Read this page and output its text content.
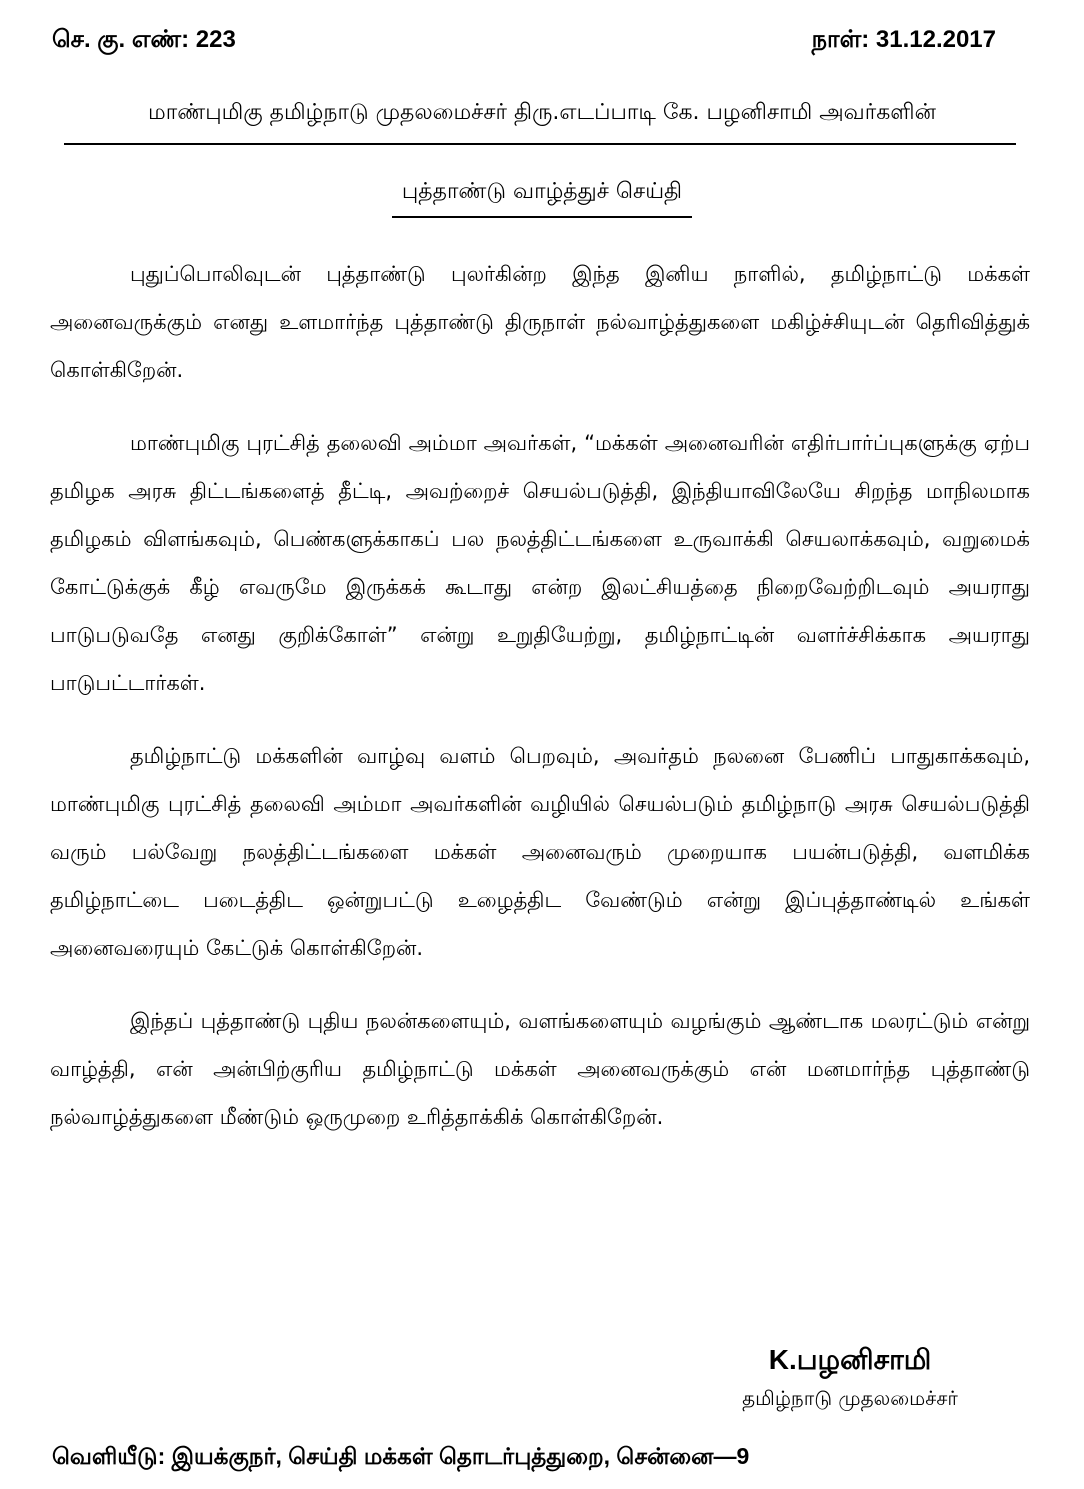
செ. கு. எண்: 223	நாள்: 31.12.2017
மாண்புமிகு தமிழ்நாடு முதலமைச்சர் திரு.எடப்பாடி கே. பழனிசாமி அவர்களின்
புத்தாண்டு வாழ்த்துச் செய்தி

புதுப்பொலிவுடன் புத்தாண்டு புலர்கின்ற இந்த இனிய நாளில், தமிழ்நாட்டு மக்கள் அனைவருக்கும் எனது உளமார்ந்த புத்தாண்டு திருநாள் நல்வாழ்த்துகளை மகிழ்ச்சியுடன் தெரிவித்துக் கொள்கிறேன்.

மாண்புமிகு புரட்சித் தலைவி அம்மா அவர்கள், “மக்கள் அனைவரின் எதிர்பார்ப்புகளுக்கு ஏற்ப தமிழக அரசு திட்டங்களைத் தீட்டி, அவற்றைச் செயல்படுத்தி, இந்தியாவிலேயே சிறந்த மாநிலமாக தமிழகம் விளங்கவும், பெண்களுக்காகப் பல நலத்திட்டங்களை உருவாக்கி செயலாக்கவும், வறுமைக் கோட்டுக்குக் கீழ் எவருமே இருக்கக் கூடாது என்ற இலட்சியத்தை நிறைவேற்றிடவும் அயராது பாடுபடுவதே எனது குறிக்கோள்” என்று உறுதியேற்று, தமிழ்நாட்டின் வளர்ச்சிக்காக அயராது பாடுபட்டார்கள்.

தமிழ்நாட்டு மக்களின் வாழ்வு வளம் பெறவும், அவர்தம் நலனை பேணிப் பாதுகாக்கவும், மாண்புமிகு புரட்சித் தலைவி அம்மா அவர்களின் வழியில் செயல்படும் தமிழ்நாடு அரசு செயல்படுத்தி வரும் பல்வேறு நலத்திட்டங்களை மக்கள் அனைவரும் முறையாக பயன்படுத்தி, வளமிக்க தமிழ்நாட்டை படைத்திட ஒன்றுபட்டு உழைத்திட வேண்டும் என்று இப்புத்தாண்டில் உங்கள் அனைவரையும் கேட்டுக் கொள்கிறேன்.

இந்தப் புத்தாண்டு புதிய நலன்களையும், வளங்களையும் வழங்கும் ஆண்டாக மலரட்டும் என்று வாழ்த்தி, என் அன்பிற்குரிய தமிழ்நாட்டு மக்கள் அனைவருக்கும் என் மனமார்ந்த புத்தாண்டு நல்வாழ்த்துகளை மீண்டும் ஒருமுறை உரித்தாக்கிக் கொள்கிறேன்.

K.பழனிசாமி
தமிழ்நாடு முதலமைச்சர்
வெளியீடு: இயக்குநர், செய்தி மக்கள் தொடர்புத்துறை, சென்னை—9
